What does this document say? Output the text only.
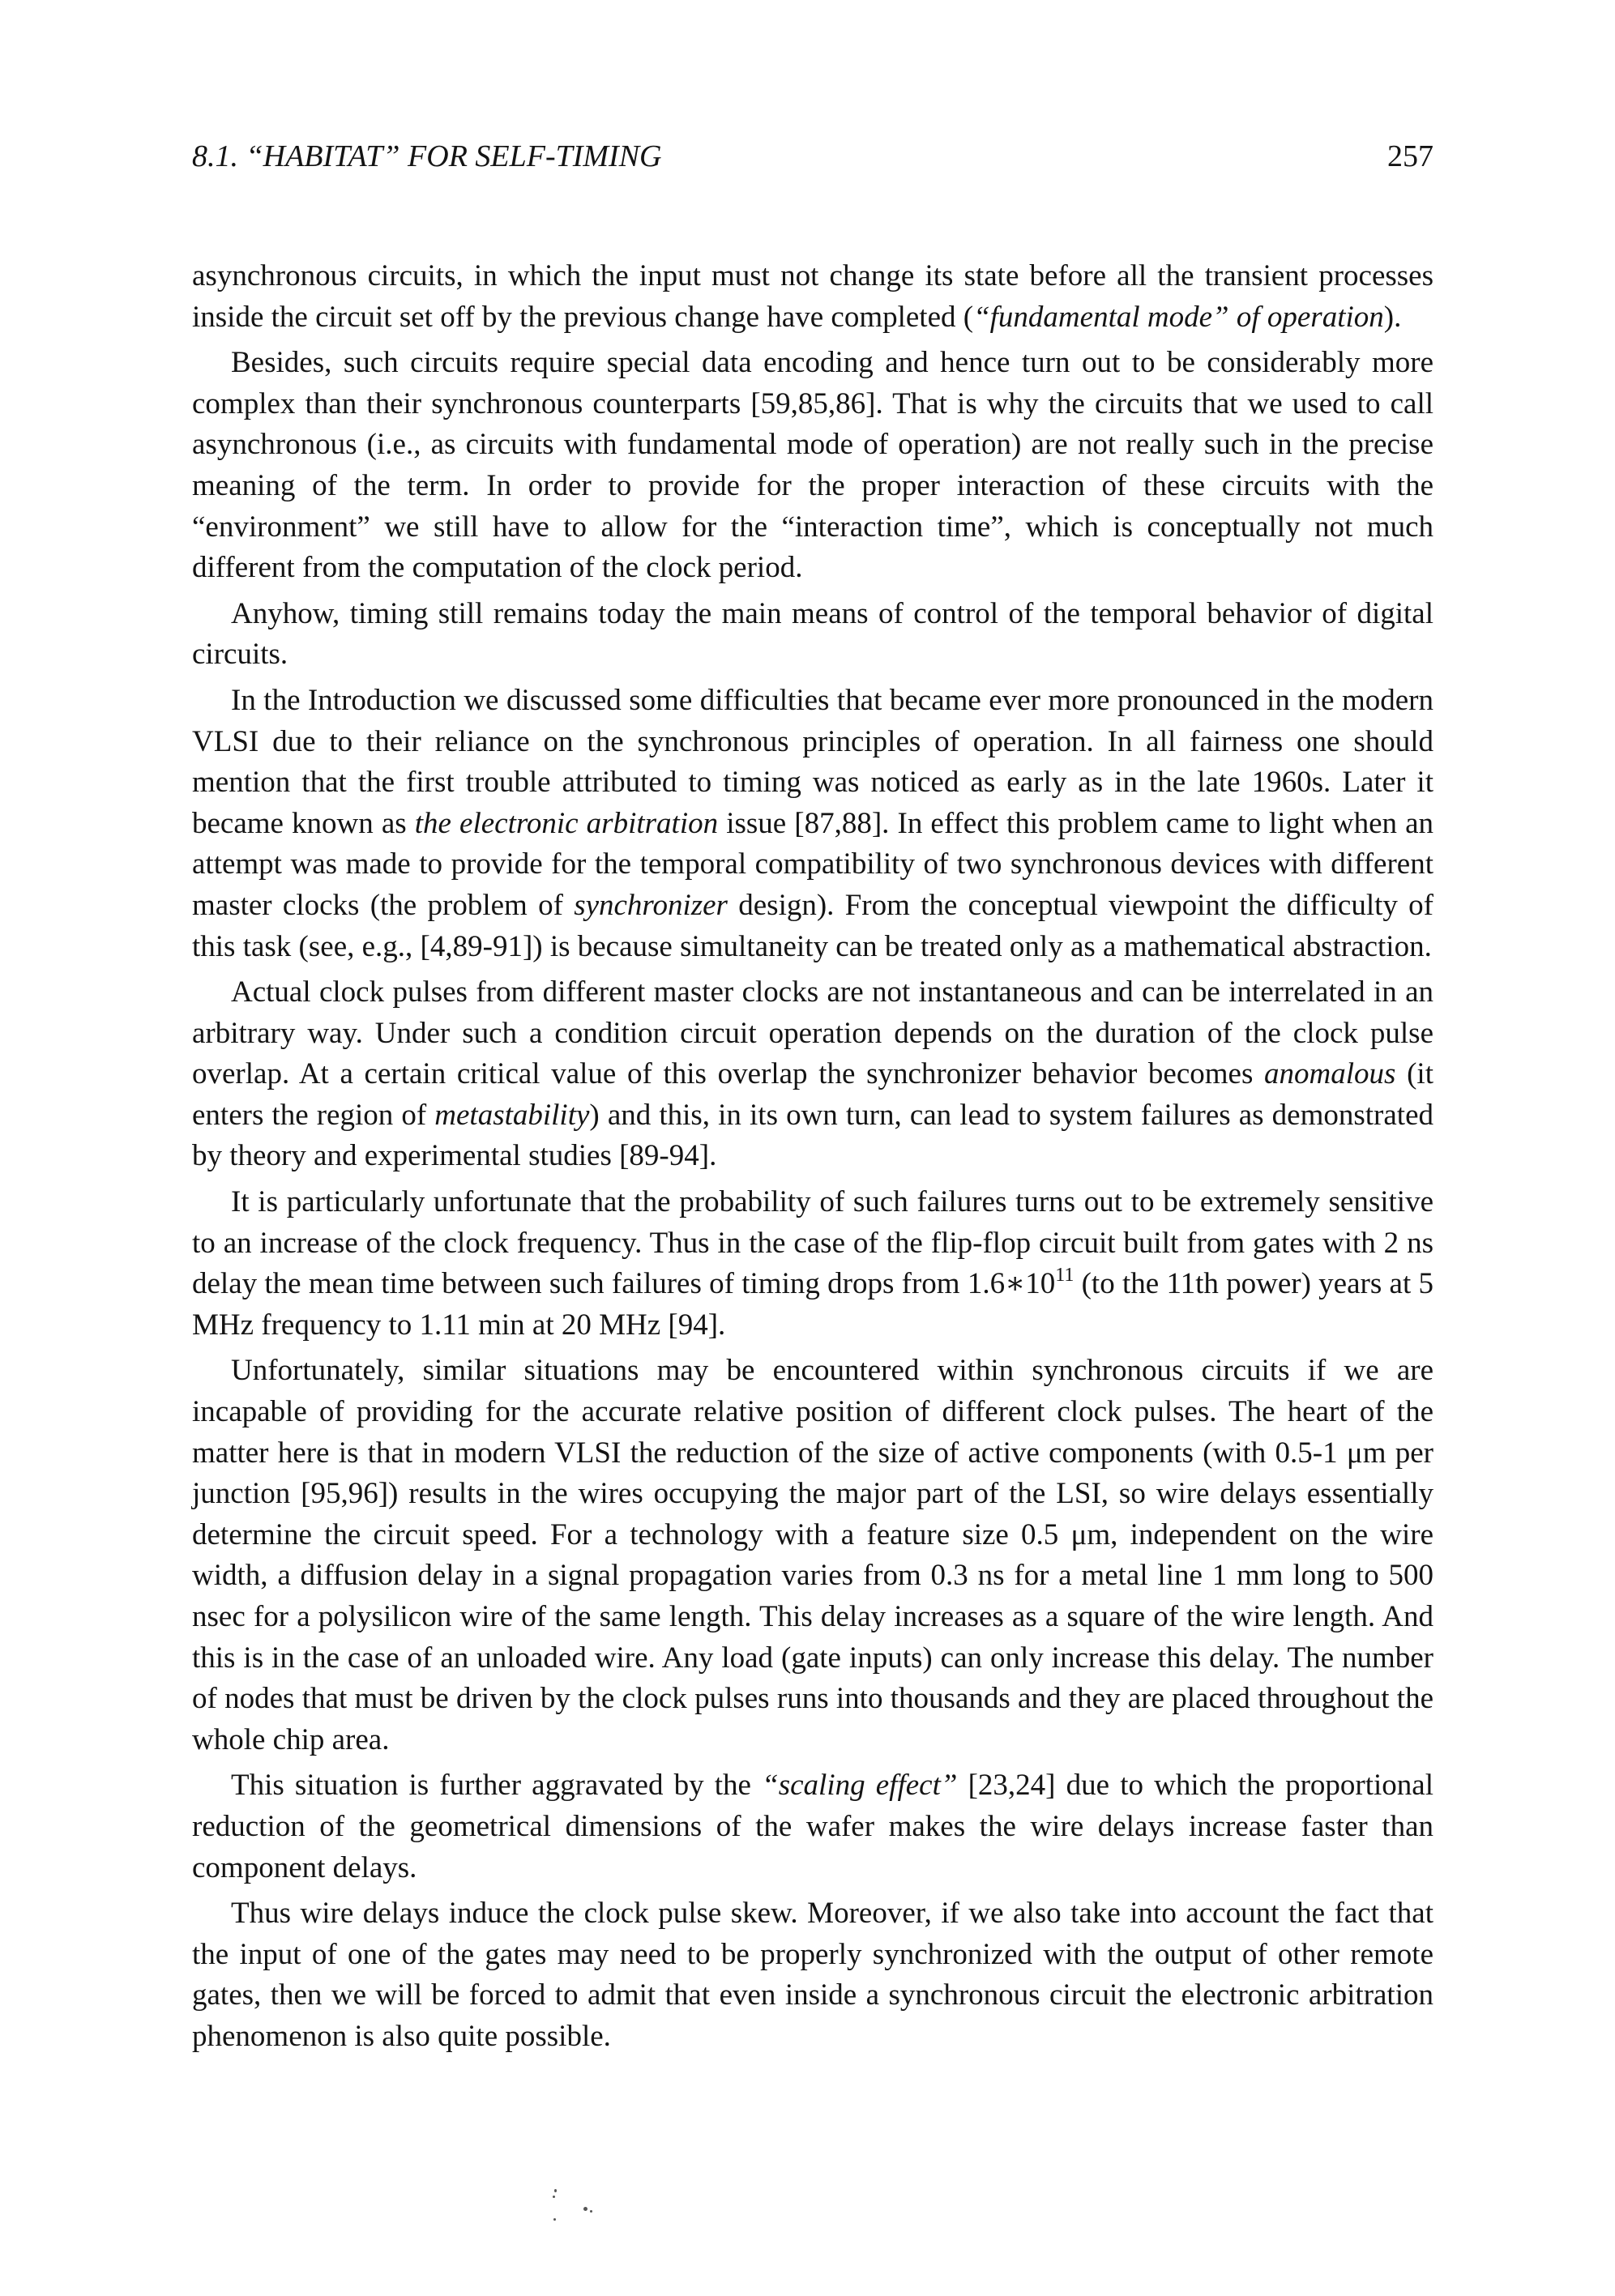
8.1. “HABITAT” FOR SELF-TIMING	257

asynchronous circuits, in which the input must not change its state before all the transient processes inside the circuit set off by the previous change have completed (“fundamental mode” of operation).

Besides, such circuits require special data encoding and hence turn out to be considerably more complex than their synchronous counterparts [59,85,86]. That is why the circuits that we used to call asynchronous (i.e., as circuits with fundamental mode of operation) are not really such in the precise meaning of the term. In order to provide for the proper interaction of these circuits with the “environment” we still have to allow for the “interaction time”, which is conceptually not much different from the computation of the clock period.

Anyhow, timing still remains today the main means of control of the temporal behavior of digital circuits.

In the Introduction we discussed some difficulties that became ever more pronounced in the modern VLSI due to their reliance on the synchronous principles of operation. In all fairness one should mention that the first trouble attributed to timing was noticed as early as in the late 1960s. Later it became known as the electronic arbitration issue [87,88]. In effect this problem came to light when an attempt was made to provide for the temporal compatibility of two synchronous devices with different master clocks (the problem of synchronizer design). From the conceptual viewpoint the difficulty of this task (see, e.g., [4,89-91]) is because simultaneity can be treated only as a mathematical abstraction.

Actual clock pulses from different master clocks are not instantaneous and can be interrelated in an arbitrary way. Under such a condition circuit operation depends on the duration of the clock pulse overlap. At a certain critical value of this overlap the synchronizer behavior becomes anomalous (it enters the region of metastability) and this, in its own turn, can lead to system failures as demonstrated by theory and experimental studies [89-94].

It is particularly unfortunate that the probability of such failures turns out to be extremely sensitive to an increase of the clock frequency. Thus in the case of the flip-flop circuit built from gates with 2 ns delay the mean time between such failures of timing drops from $1.6∗10^{11}$ (to the 11th power) years at 5 MHz frequency to 1.11 min at 20 MHz [94].

Unfortunately, similar situations may be encountered within synchronous circuits if we are incapable of providing for the accurate relative position of different clock pulses. The heart of the matter here is that in modern VLSI the reduction of the size of active components (with 0.5-1 μm per junction [95,96]) results in the wires occupying the major part of the LSI, so wire delays essentially determine the circuit speed. For a technology with a feature size 0.5 μm, independent on the wire width, a diffusion delay in a signal propagation varies from 0.3 ns for a metal line 1 mm long to 500 nsec for a polysilicon wire of the same length. This delay increases as a square of the wire length. And this is in the case of an unloaded wire. Any load (gate inputs) can only increase this delay. The number of nodes that must be driven by the clock pulses runs into thousands and they are placed throughout the whole chip area.

This situation is further aggravated by the “scaling effect” [23,24] due to which the proportional reduction of the geometrical dimensions of the wafer makes the wire delays increase faster than component delays.

Thus wire delays induce the clock pulse skew. Moreover, if we also take into account the fact that the input of one of the gates may need to be properly synchronized with the output of other remote gates, then we will be forced to admit that even inside a synchronous circuit the electronic arbitration phenomenon is also quite possible.
